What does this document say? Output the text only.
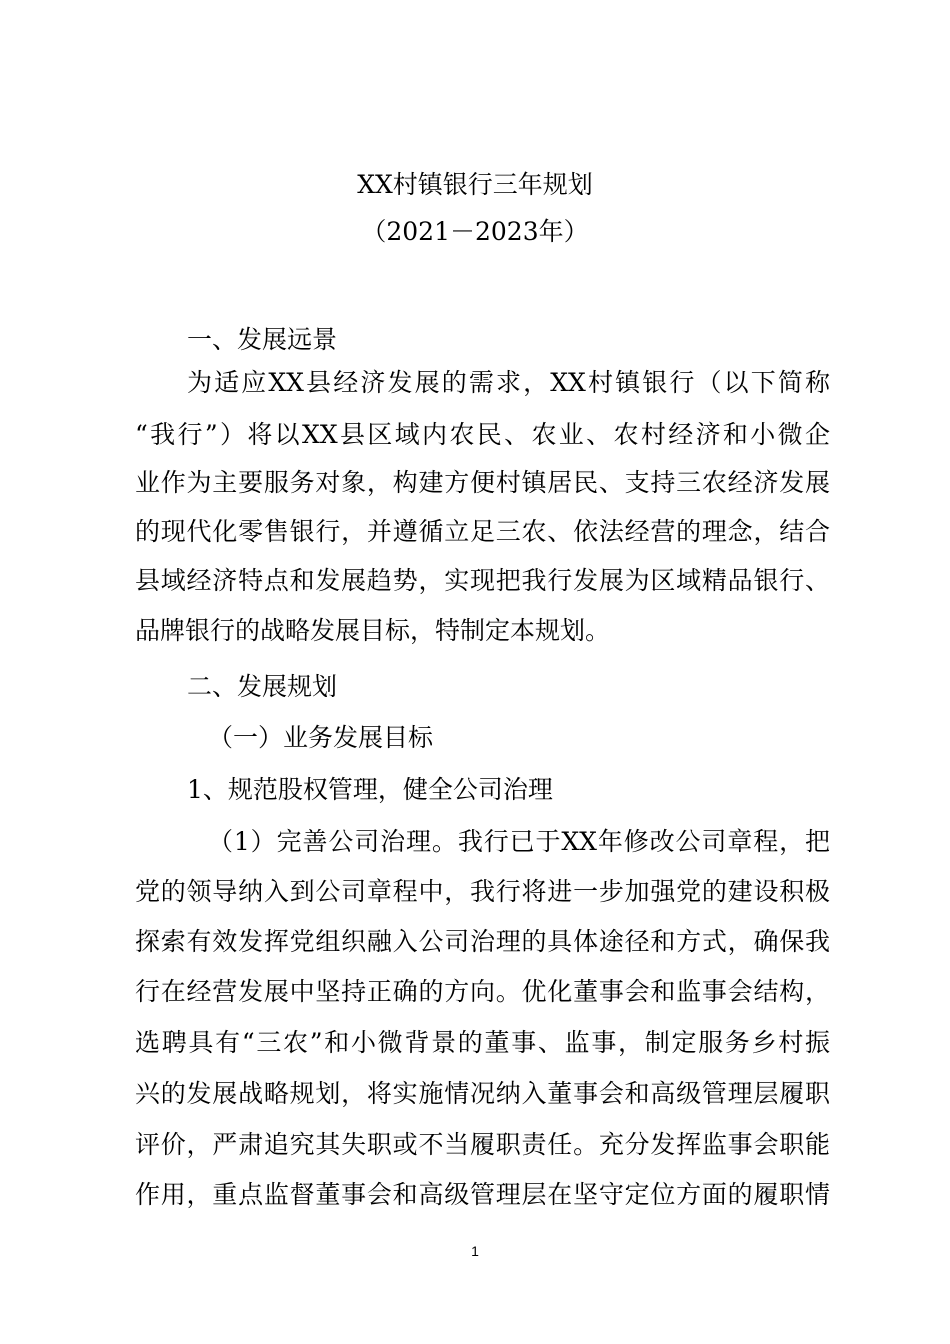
XX村镇银行三年规划
（2021－2023年）
一、发展远景
为适应XX县经济发展的需求，XX村镇银行（以下简称
“我行”）将以XX县区域内农民、农业、农村经济和小微企
业作为主要服务对象，构建方便村镇居民、支持三农经济发展
的现代化零售银行，并遵循立足三农、依法经营的理念，结合
县域经济特点和发展趋势，实现把我行发展为区域精品银行、
品牌银行的战略发展目标，特制定本规划。
二、发展规划
（一）业务发展目标
1、规范股权管理，健全公司治理
（1）完善公司治理。我行已于XX年修改公司章程，把
党的领导纳入到公司章程中，我行将进一步加强党的建设积极
探索有效发挥党组织融入公司治理的具体途径和方式，确保我
行在经营发展中坚持正确的方向。优化董事会和监事会结构，
选聘具有“三农”和小微背景的董事、监事，制定服务乡村振
兴的发展战略规划，将实施情况纳入董事会和高级管理层履职
评价，严肃追究其失职或不当履职责任。充分发挥监事会职能
作用，重点监督董事会和高级管理层在坚守定位方面的履职情
1
